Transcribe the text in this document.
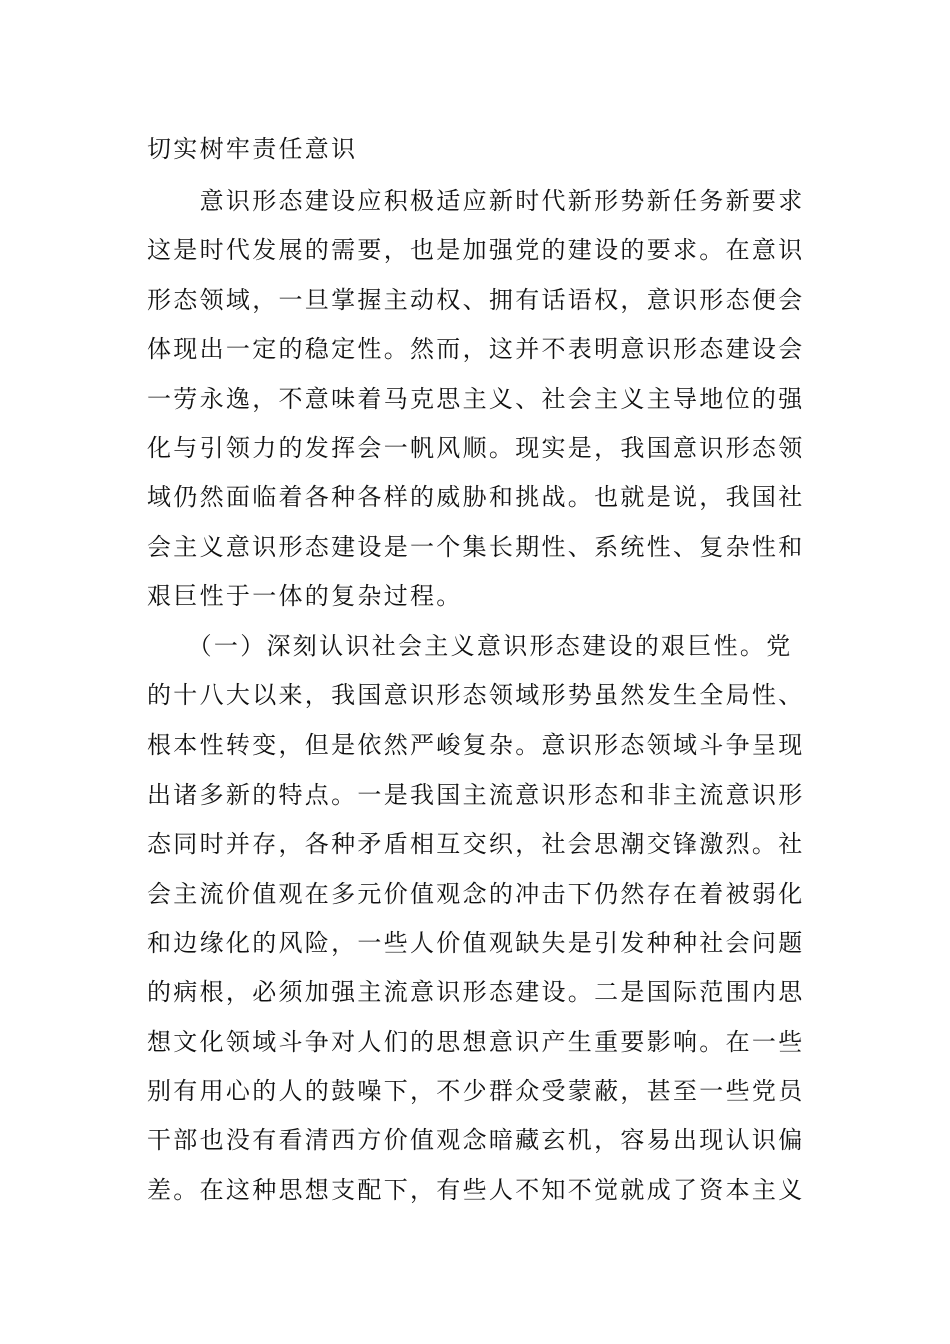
切实树牢责任意识
　　意识形态建设应积极适应新时代新形势新任务新要求
这是时代发展的需要，也是加强党的建设的要求。在意识
形态领域，一旦掌握主动权、拥有话语权，意识形态便会
体现出一定的稳定性。然而，这并不表明意识形态建设会
一劳永逸，不意味着马克思主义、社会主义主导地位的强
化与引领力的发挥会一帆风顺。现实是，我国意识形态领
域仍然面临着各种各样的威胁和挑战。也就是说，我国社
会主义意识形态建设是一个集长期性、系统性、复杂性和
艰巨性于一体的复杂过程。
　　（一）深刻认识社会主义意识形态建设的艰巨性。党
的十八大以来，我国意识形态领域形势虽然发生全局性、
根本性转变，但是依然严峻复杂。意识形态领域斗争呈现
出诸多新的特点。一是我国主流意识形态和非主流意识形
态同时并存，各种矛盾相互交织，社会思潮交锋激烈。社
会主流价值观在多元价值观念的冲击下仍然存在着被弱化
和边缘化的风险，一些人价值观缺失是引发种种社会问题
的病根，必须加强主流意识形态建设。二是国际范围内思
想文化领域斗争对人们的思想意识产生重要影响。在一些
别有用心的人的鼓噪下，不少群众受蒙蔽，甚至一些党员
干部也没有看清西方价值观念暗藏玄机，容易出现认识偏
差。在这种思想支配下，有些人不知不觉就成了资本主义
